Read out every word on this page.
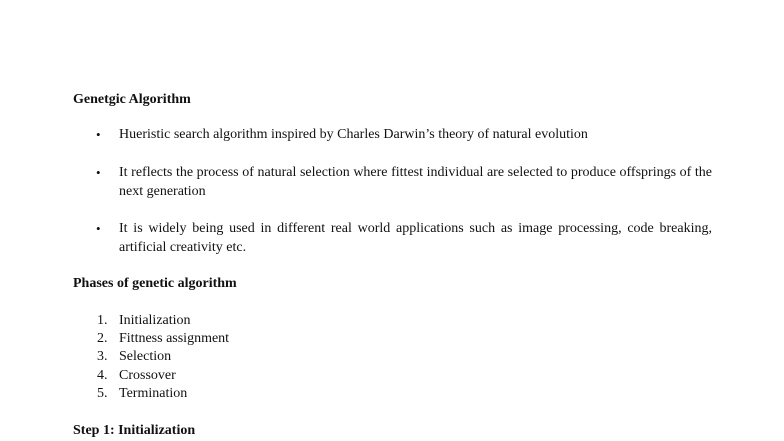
Genetgic Algorithm
• Hueristic search algorithm inspired by Charles Darwin’s theory of natural evolution
• It reflects the process of natural selection where fittest individual are selected to produce offsprings of the next generation
• It is widely being used in different real world applications such as image processing, code breaking, artificial creativity etc.
Phases of genetic algorithm
1. Initialization
2. Fittness assignment
3. Selection
4. Crossover
5. Termination
Step 1: Initialization
